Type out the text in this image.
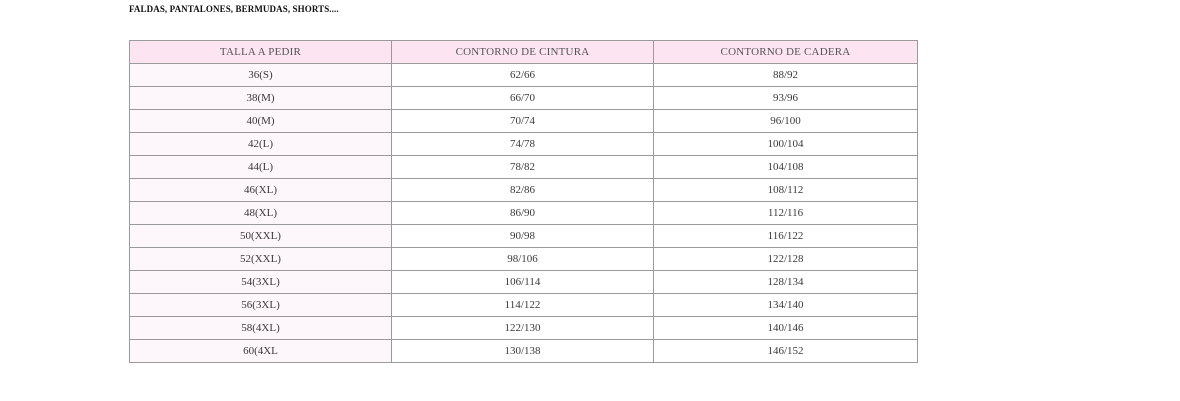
FALDAS, PANTALONES, BERMUDAS, SHORTS....
TALLA A PEDIR	CONTORNO DE CINTURA	CONTORNO DE CADERA
36(S)	62/66	88/92
38(M)	66/70	93/96
40(M)	70/74	96/100
42(L)	74/78	100/104
44(L)	78/82	104/108
46(XL)	82/86	108/112
48(XL)	86/90	112/116
50(XXL)	90/98	116/122
52(XXL)	98/106	122/128
54(3XL)	106/114	128/134
56(3XL)	114/122	134/140
58(4XL)	122/130	140/146
60(4XL	130/138	146/152
